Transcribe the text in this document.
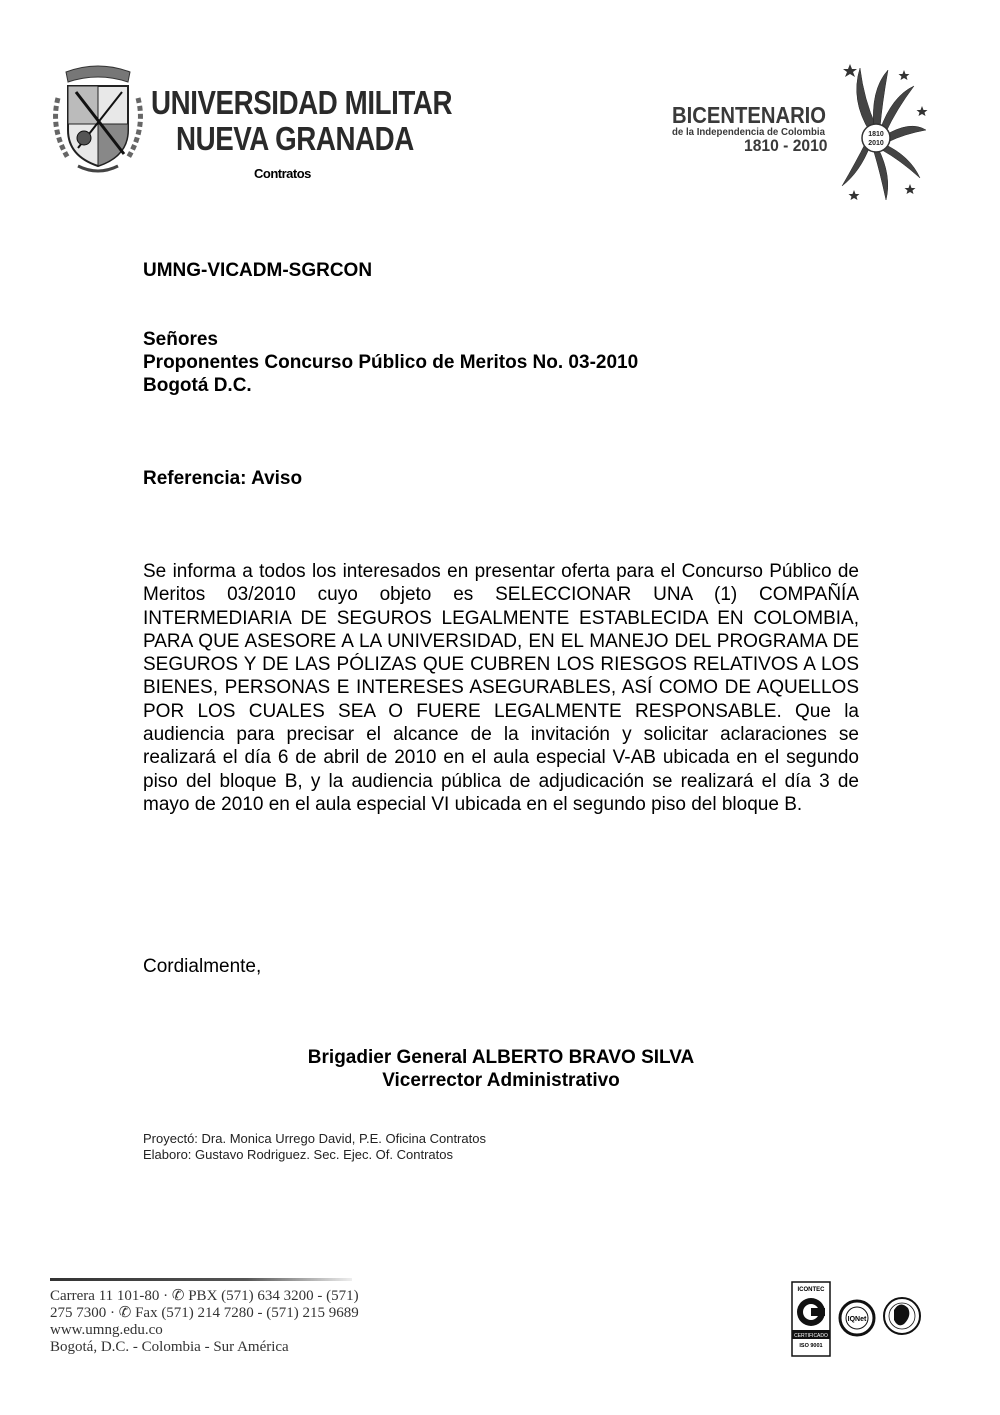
UNIVERSIDAD MILITAR
NUEVA GRANADA
Contratos
BICENTENARIO
de la Independencia de Colombia
1810 - 2010
1810
2010
UMNG-VICADM-SGRCON
Señores
Proponentes Concurso Público de Meritos No. 03-2010
Bogotá D.C.
Referencia: Aviso
Se informa a todos los interesados en presentar oferta para el Concurso Público de Meritos 03/2010 cuyo objeto es SELECCIONAR UNA (1) COMPAÑÍA INTERMEDIARIA DE SEGUROS LEGALMENTE ESTABLECIDA EN COLOMBIA, PARA QUE ASESORE A LA UNIVERSIDAD, EN EL MANEJO DEL PROGRAMA DE SEGUROS Y DE LAS PÓLIZAS QUE CUBREN LOS RIESGOS RELATIVOS A LOS BIENES, PERSONAS E INTERESES ASEGURABLES, ASÍ COMO DE AQUELLOS POR LOS CUALES SEA O FUERE LEGALMENTE RESPONSABLE. Que la audiencia para precisar el alcance de la invitación y solicitar aclaraciones se realizará el día 6 de abril de 2010 en el aula especial V-AB ubicada en el segundo piso del bloque B, y la audiencia pública de adjudicación se realizará el día 3 de mayo de 2010 en el aula especial VI ubicada en el segundo piso del bloque B.
Cordialmente,
Brigadier General ALBERTO BRAVO SILVA
Vicerrector Administrativo
Proyectó: Dra. Monica Urrego David, P.E. Oficina Contratos
Elaboro: Gustavo Rodriguez. Sec. Ejec. Of. Contratos
Carrera 11 101-80 · ✆ PBX (571) 634 3200 - (571)
275 7300 · ✆ Fax (571) 214 7280 - (571) 215 9689
www.umng.edu.co
Bogotá, D.C. - Colombia - Sur América
ICONTEC
CERTIFICADO
ISO 9001
IQNet
